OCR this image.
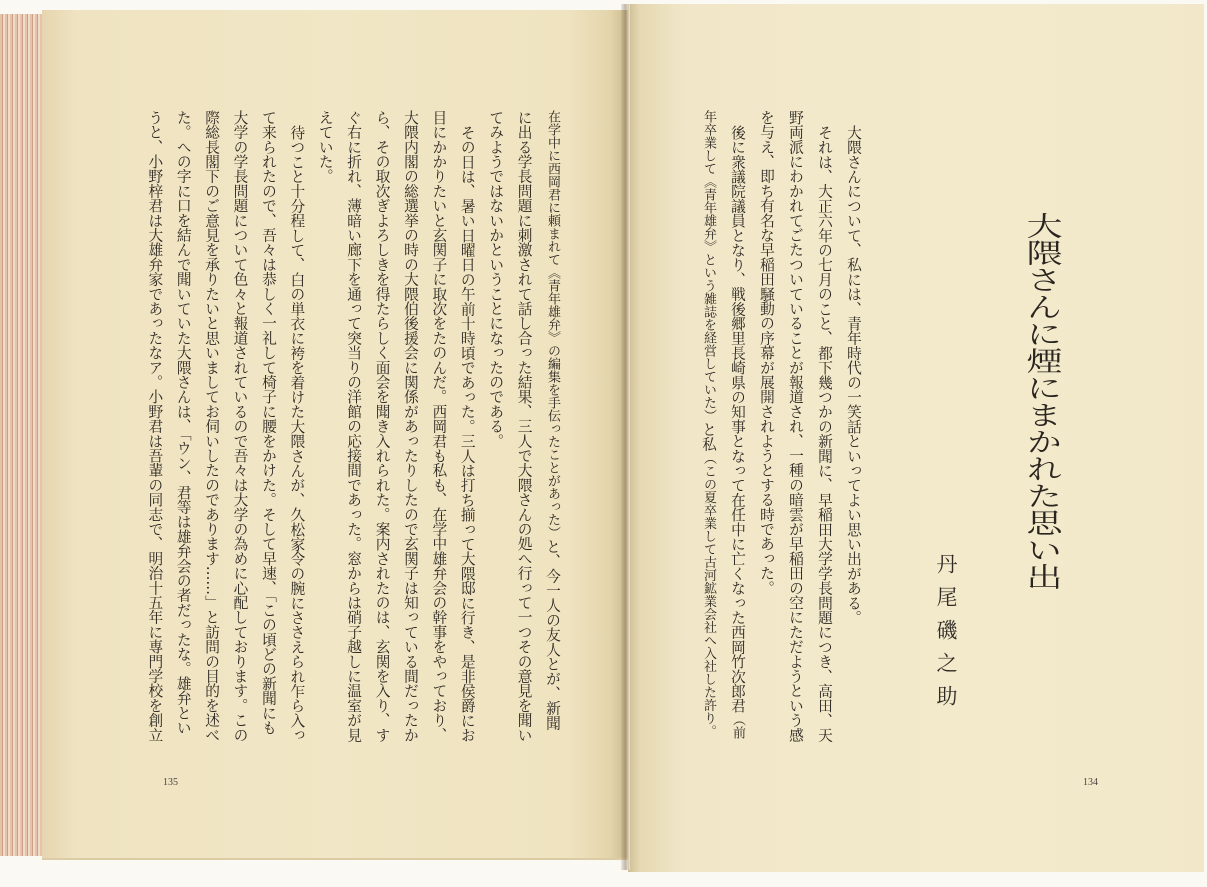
在学中に西岡君に頼まれて《青年雄弁》の編集を手伝ったことがあった）と、今一人の友人とが、新聞
に出る学長問題に刺激されて話し合った結果、三人で大隈さんの処へ行って一つその意見を聞い
てみようではないかということになったのである。
その日は、暑い日曜日の午前十時頃であった。三人は打ち揃って大隈邸に行き、是非侯爵にお
目にかかりたいと玄関子に取次をたのんだ。西岡君も私も、在学中雄弁会の幹事をやっており、
大隈内閣の総選挙の時の大隈伯後援会に関係があったりしたので玄関子は知っている間だったか
ら、その取次ぎよろしきを得たらしく面会を聞き入れられた。案内されたのは、玄関を入り、す
ぐ右に折れ、薄暗い廊下を通って突当りの洋館の応接間であった。窓からは硝子越しに温室が見
えていた。
待つこと十分程して、白の単衣に袴を着けた大隈さんが、久松家令の腕にささえられ乍ら入っ
て来られたので、吾々は恭しく一礼して椅子に腰をかけた。そして早速、「この頃どの新聞にも
大学の学長問題について色々と報道されているので吾々は大学の為めに心配しております。この
際総長閣下のご意見を承りたいと思いましてお伺いしたのであります……」と訪問の目的を述べ
た。への字に口を結んで聞いていた大隈さんは、「ウン、君等は雄弁会の者だったな。雄弁とい
うと、小野梓君は大雄弁家であったなア。小野君は吾輩の同志で、明治十五年に専門学校を創立
135
大隈さんに煙にまかれた思い出
丹尾磯之助
大隈さんについて、私には、青年時代の一笑話といってよい思い出がある。
それは、大正六年の七月のこと、都下幾つかの新聞に、早稲田大学学長問題につき、高田、天
野両派にわかれてごたついていることが報道され、一種の暗雲が早稲田の空にただようという感
を与え、即ち有名な早稲田騒動の序幕が展開されようとする時であった。
後に衆議院議員となり、戦後郷里長崎県の知事となって在任中に亡くなった西岡竹次郎君（前
年卒業して《青年雄弁》という雑誌を経営していた）と私（この夏卒業して古河鉱業会社へ入社した許り。
134
